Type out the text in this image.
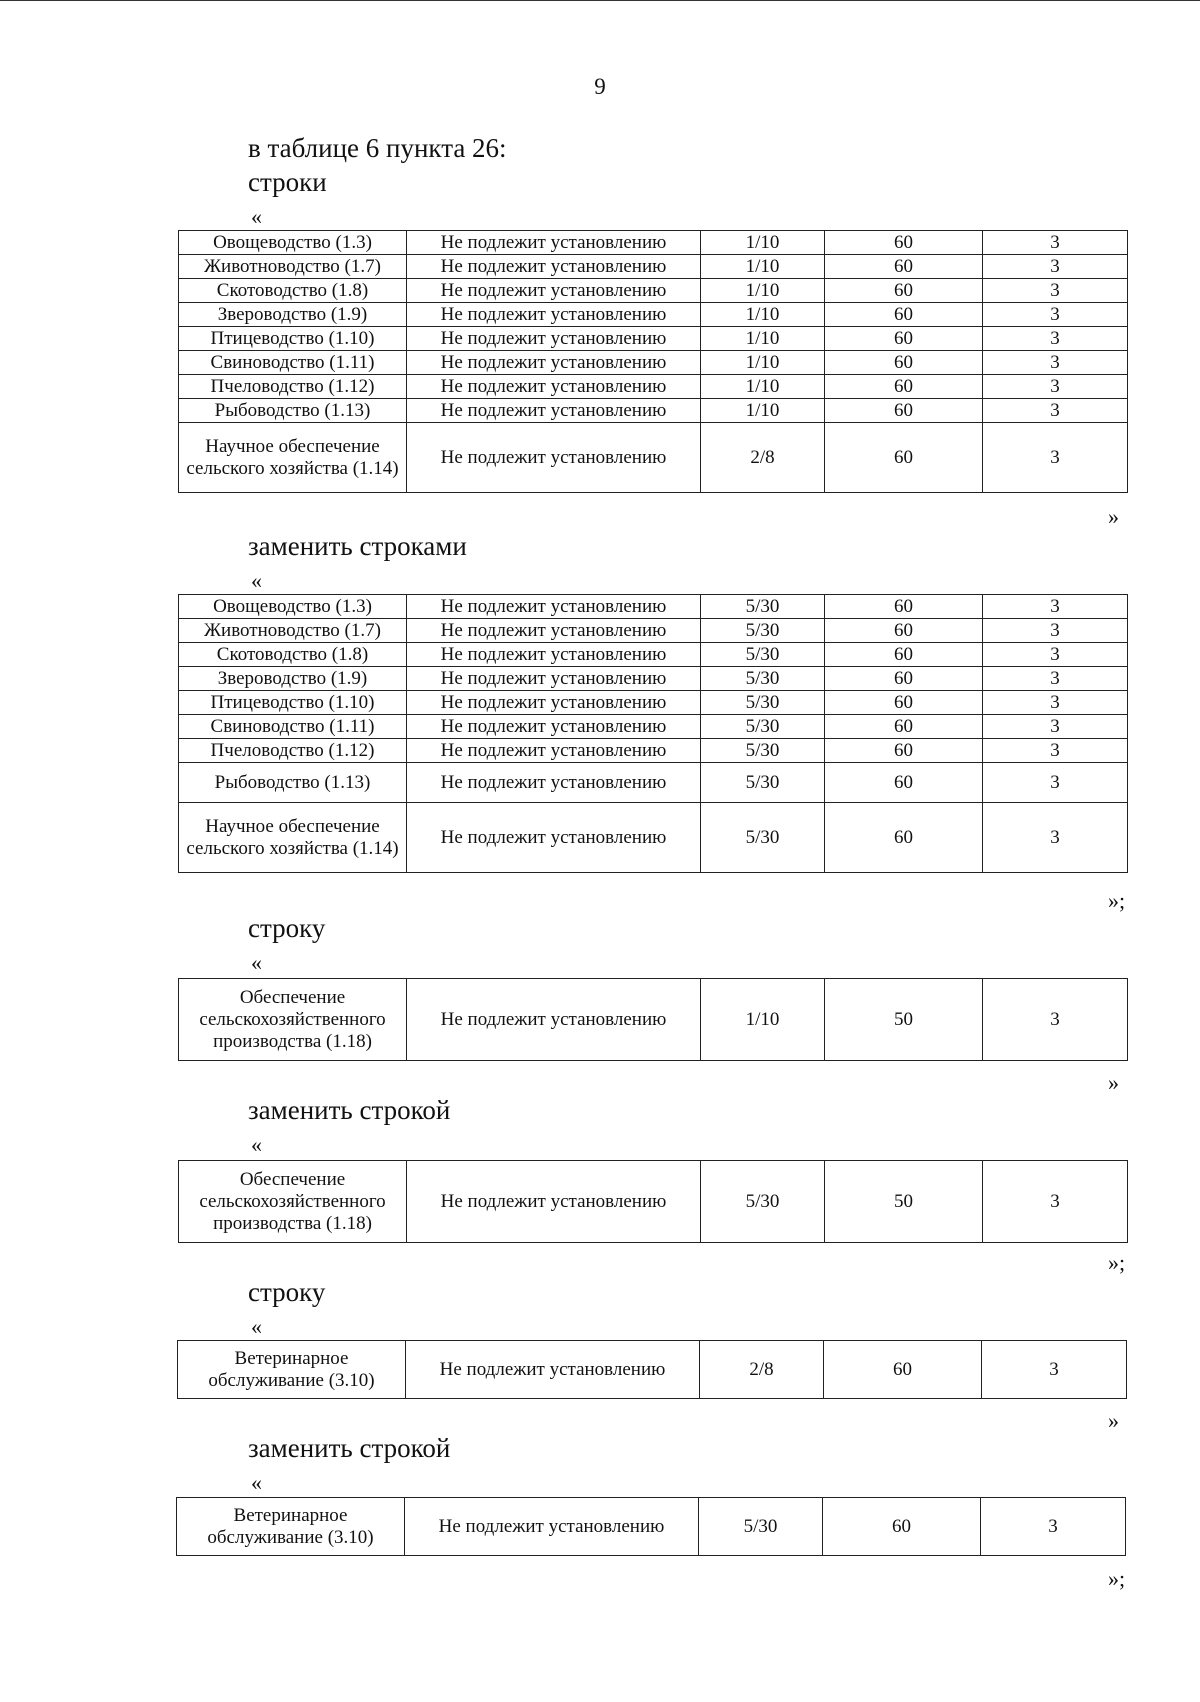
9
в таблице 6 пункта 26:
строки
«
Овощеводство (1.3)	Не подлежит установлению	1/10	60	3
Животноводство (1.7)	Не подлежит установлению	1/10	60	3
Скотоводство (1.8)	Не подлежит установлению	1/10	60	3
Звероводство (1.9)	Не подлежит установлению	1/10	60	3
Птицеводство (1.10)	Не подлежит установлению	1/10	60	3
Свиноводство (1.11)	Не подлежит установлению	1/10	60	3
Пчеловодство (1.12)	Не подлежит установлению	1/10	60	3
Рыбоводство (1.13)	Не подлежит установлению	1/10	60	3
Научное обеспечение сельского хозяйства (1.14)	Не подлежит установлению	2/8	60	3
»
заменить строками
«
Овощеводство (1.3)	Не подлежит установлению	5/30	60	3
Животноводство (1.7)	Не подлежит установлению	5/30	60	3
Скотоводство (1.8)	Не подлежит установлению	5/30	60	3
Звероводство (1.9)	Не подлежит установлению	5/30	60	3
Птицеводство (1.10)	Не подлежит установлению	5/30	60	3
Свиноводство (1.11)	Не подлежит установлению	5/30	60	3
Пчеловодство (1.12)	Не подлежит установлению	5/30	60	3
Рыбоводство (1.13)	Не подлежит установлению	5/30	60	3
Научное обеспечение сельского хозяйства (1.14)	Не подлежит установлению	5/30	60	3
»;
строку
«
Обеспечение сельскохозяйственного производства (1.18)	Не подлежит установлению	1/10	50	3
»
заменить строкой
«
Обеспечение сельскохозяйственного производства (1.18)	Не подлежит установлению	5/30	50	3
»;
строку
«
Ветеринарное обслуживание (3.10)	Не подлежит установлению	2/8	60	3
»
заменить строкой
«
Ветеринарное обслуживание (3.10)	Не подлежит установлению	5/30	60	3
»;
